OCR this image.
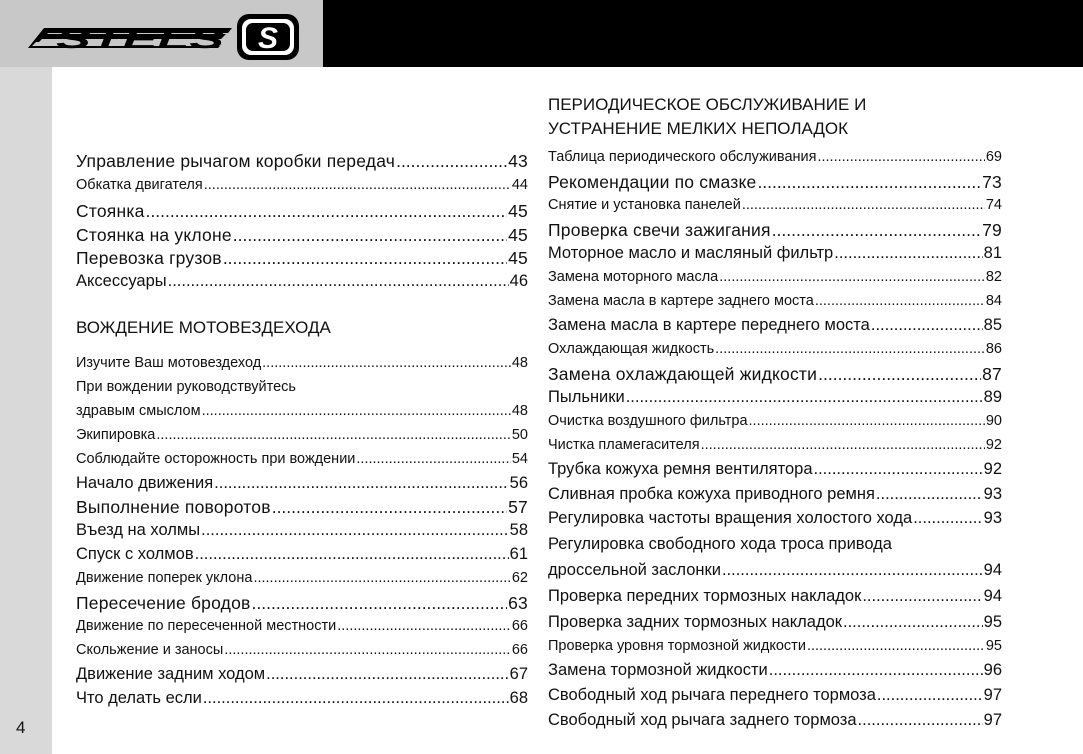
STELS S
4
Управление рычагом коробки передач .....	43
Обкатка двигателя .....	44
Стоянка .....	45
Стоянка на уклоне .....	45
Перевозка грузов .....	45
Аксессуары .....	46
ВОЖДЕНИЕ МОТОВЕЗДЕХОДА
Изучите Ваш мотовездеход .....	48
При вождении руководствуйтесь
здравым смыслом .....	48
Экипировка .....	50
Соблюдайте осторожность при вождении .....	54
Начало движения .....	56
Выполнение поворотов .....	57
Въезд на холмы .....	58
Спуск с холмов .....	61
Движение поперек уклона .....	62
Пересечение бродов .....	63
Движение по пересеченной местности .....	66
Скольжение и заносы .....	66
Движение задним ходом .....	67
Что делать если .....	68
ПЕРИОДИЧЕСКОЕ ОБСЛУЖИВАНИЕ И
УСТРАНЕНИЕ МЕЛКИХ НЕПОЛАДОК
Таблица периодического обслуживания .....	69
Рекомендации по смазке .....	73
Снятие и установка панелей .....	74
Проверка свечи зажигания .....	79
Моторное масло и масляный фильтр .....	81
Замена моторного масла .....	82
Замена масла в картере заднего моста .....	84
Замена масла в картере переднего моста .....	85
Охлаждающая жидкость .....	86
Замена охлаждающей жидкости .....	87
Пыльники .....	89
Очистка воздушного фильтра .....	90
Чистка пламегасителя .....	92
Трубка кожуха ремня вентилятора .....	92
Сливная пробка кожуха приводного ремня .....	93
Регулировка частоты вращения холостого хода .....	93
Регулировка свободного хода троса привода
дроссельной заслонки .....	94
Проверка передних тормозных накладок .....	94
Проверка задних тормозных накладок .....	95
Проверка уровня тормозной жидкости .....	95
Замена тормозной жидкости .....	96
Свободный ход рычага переднего тормоза .....	97
Свободный ход рычага заднего тормоза .....	97
